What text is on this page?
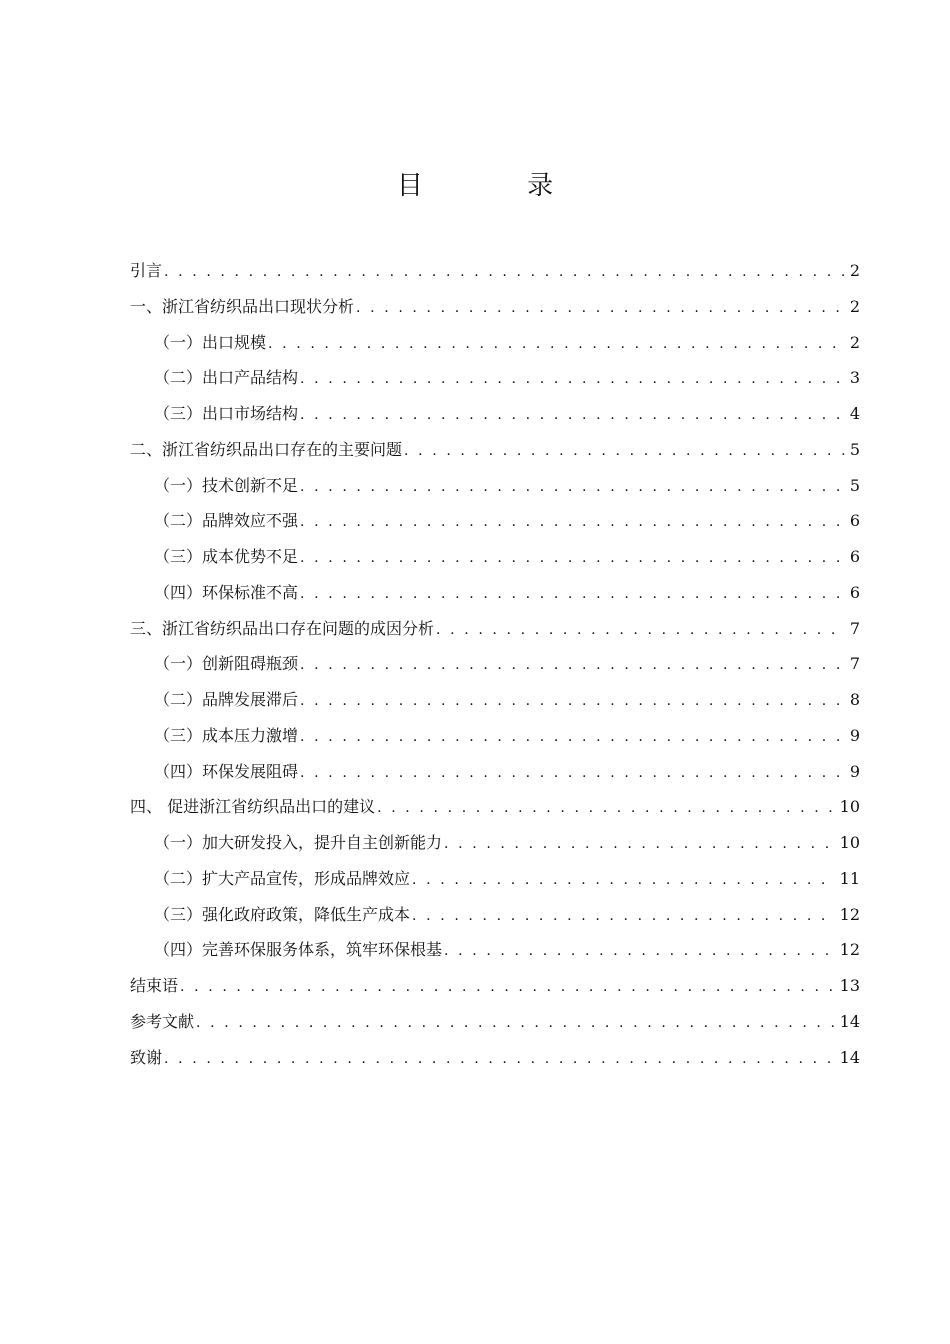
目 录
引言 . . .	2
一、浙江省纺织品出口现状分析 . . .	2
（一）出口规模 . . .	2
（二）出口产品结构 . . .	3
（三）出口市场结构 . . .	4
二、浙江省纺织品出口存在的主要问题 . . .	5
（一）技术创新不足 . . .	5
（二）品牌效应不强 . . .	6
（三）成本优势不足 . . .	6
（四）环保标准不高 . . .	6
三、浙江省纺织品出口存在问题的成因分析 . . .	7
（一）创新阻碍瓶颈 . . .	7
（二）品牌发展滞后 . . .	8
（三）成本压力激增 . . .	9
（四）环保发展阻碍 . . .	9
四、 促进浙江省纺织品出口的建议 . . .	10
（一）加大研发投入，提升自主创新能力 . . .	10
（二）扩大产品宣传，形成品牌效应 . . .	11
（三）强化政府政策，降低生产成本 . . .	12
（四）完善环保服务体系，筑牢环保根基 . . .	12
结束语 . . .	13
参考文献 . . .	14
致谢 . . .	14
